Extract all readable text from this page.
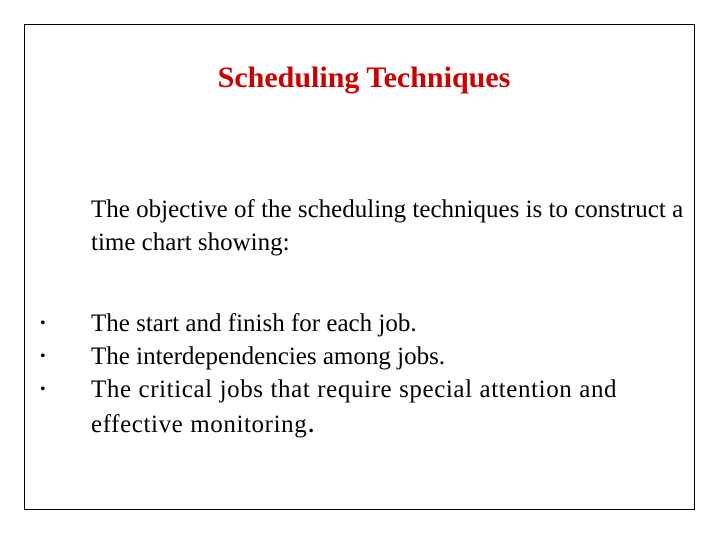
Scheduling Techniques
The objective of the scheduling techniques is to construct a time chart showing:
•	The start and finish for each job.
•	The interdependencies among jobs.
•	The critical jobs that require special attention and effective monitoring.
